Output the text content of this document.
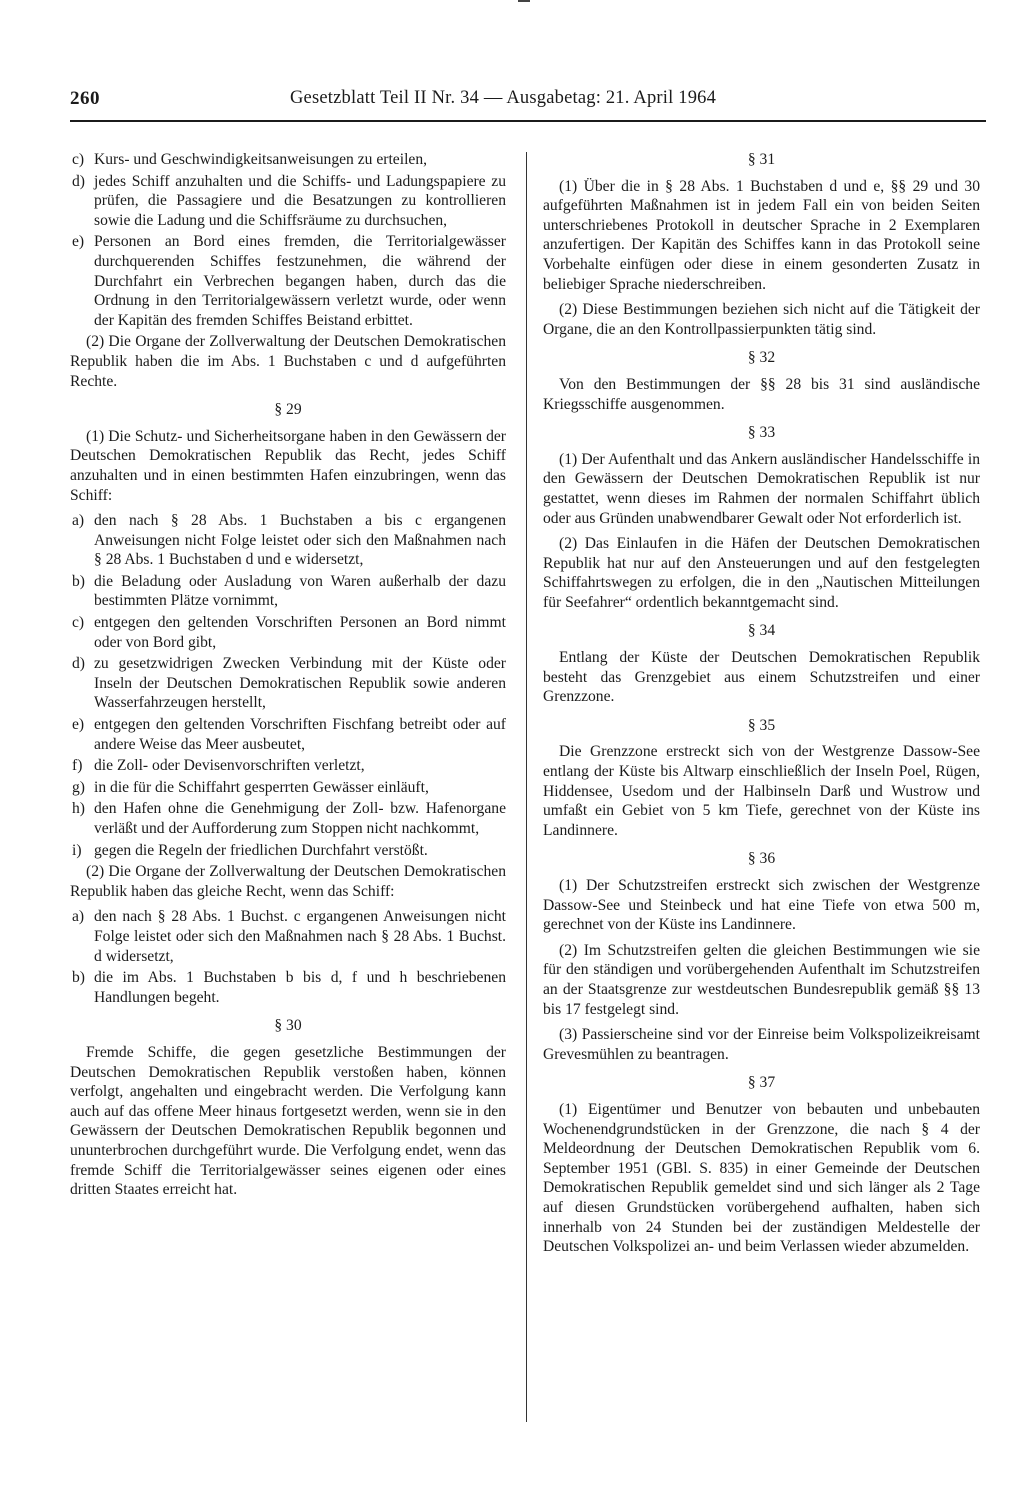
260	Gesetzblatt Teil II Nr. 34 — Ausgabetag: 21. April 1964
c) Kurs- und Geschwindigkeitsanweisungen zu erteilen,
d) jedes Schiff anzuhalten und die Schiffs- und Ladungspapiere zu prüfen, die Passagiere und die Besatzungen zu kontrollieren sowie die Ladung und die Schiffsräume zu durchsuchen,
e) Personen an Bord eines fremden, die Territorialgewässer durchquerenden Schiffes festzunehmen, die während der Durchfahrt ein Verbrechen begangen haben, durch das die Ordnung in den Territorialgewässern verletzt wurde, oder wenn der Kapitän des fremden Schiffes Beistand erbittet.

(2) Die Organe der Zollverwaltung der Deutschen Demokratischen Republik haben die im Abs. 1 Buchstaben c und d aufgeführten Rechte.

§ 29

(1) Die Schutz- und Sicherheitsorgane haben in den Gewässern der Deutschen Demokratischen Republik das Recht, jedes Schiff anzuhalten und in einen bestimmten Hafen einzubringen, wenn das Schiff:

a) den nach § 28 Abs. 1 Buchstaben a bis c ergangenen Anweisungen nicht Folge leistet oder sich den Maßnahmen nach § 28 Abs. 1 Buchstaben d und e widersetzt,
b) die Beladung oder Ausladung von Waren außerhalb der dazu bestimmten Plätze vornimmt,
c) entgegen den geltenden Vorschriften Personen an Bord nimmt oder von Bord gibt,
d) zu gesetzwidrigen Zwecken Verbindung mit der Küste oder Inseln der Deutschen Demokratischen Republik sowie anderen Wasserfahrzeugen herstellt,
e) entgegen den geltenden Vorschriften Fischfang betreibt oder auf andere Weise das Meer ausbeutet,
f) die Zoll- oder Devisenvorschriften verletzt,
g) in die für die Schiffahrt gesperrten Gewässer einläuft,
h) den Hafen ohne die Genehmigung der Zoll- bzw. Hafenorgane verläßt und der Aufforderung zum Stoppen nicht nachkommt,
i) gegen die Regeln der friedlichen Durchfahrt verstößt.

(2) Die Organe der Zollverwaltung der Deutschen Demokratischen Republik haben das gleiche Recht, wenn das Schiff:

a) den nach § 28 Abs. 1 Buchst. c ergangenen Anweisungen nicht Folge leistet oder sich den Maßnahmen nach § 28 Abs. 1 Buchst. d widersetzt,
b) die im Abs. 1 Buchstaben b bis d, f und h beschriebenen Handlungen begeht.

§ 30

Fremde Schiffe, die gegen gesetzliche Bestimmungen der Deutschen Demokratischen Republik verstoßen haben, können verfolgt, angehalten und eingebracht werden. Die Verfolgung kann auch auf das offene Meer hinaus fortgesetzt werden, wenn sie in den Gewässern der Deutschen Demokratischen Republik begonnen und ununterbrochen durchgeführt wurde. Die Verfolgung endet, wenn das fremde Schiff die Territorialgewässer seines eigenen oder eines dritten Staates erreicht hat.

§ 31

(1) Über die in § 28 Abs. 1 Buchstaben d und e, §§ 29 und 30 aufgeführten Maßnahmen ist in jedem Fall ein von beiden Seiten unterschriebenes Protokoll in deutscher Sprache in 2 Exemplaren anzufertigen. Der Kapitän des Schiffes kann in das Protokoll seine Vorbehalte einfügen oder diese in einem gesonderten Zusatz in beliebiger Sprache niederschreiben.

(2) Diese Bestimmungen beziehen sich nicht auf die Tätigkeit der Organe, die an den Kontrollpassierpunkten tätig sind.

§ 32

Von den Bestimmungen der §§ 28 bis 31 sind ausländische Kriegsschiffe ausgenommen.

§ 33

(1) Der Aufenthalt und das Ankern ausländischer Handelsschiffe in den Gewässern der Deutschen Demokratischen Republik ist nur gestattet, wenn dieses im Rahmen der normalen Schiffahrt üblich oder aus Gründen unabwendbarer Gewalt oder Not erforderlich ist.

(2) Das Einlaufen in die Häfen der Deutschen Demokratischen Republik hat nur auf den Ansteuerungen und auf den festgelegten Schiffahrtswegen zu erfolgen, die in den „Nautischen Mitteilungen für Seefahrer“ ordentlich bekanntgemacht sind.

§ 34

Entlang der Küste der Deutschen Demokratischen Republik besteht das Grenzgebiet aus einem Schutzstreifen und einer Grenzzone.

§ 35

Die Grenzzone erstreckt sich von der Westgrenze Dassow-See entlang der Küste bis Altwarp einschließlich der Inseln Poel, Rügen, Hiddensee, Usedom und der Halbinseln Darß und Wustrow und umfaßt ein Gebiet von 5 km Tiefe, gerechnet von der Küste ins Landinnere.

§ 36

(1) Der Schutzstreifen erstreckt sich zwischen der Westgrenze Dassow-See und Steinbeck und hat eine Tiefe von etwa 500 m, gerechnet von der Küste ins Landinnere.

(2) Im Schutzstreifen gelten die gleichen Bestimmungen wie sie für den ständigen und vorübergehenden Aufenthalt im Schutzstreifen an der Staatsgrenze zur westdeutschen Bundesrepublik gemäß §§ 13 bis 17 festgelegt sind.

(3) Passierscheine sind vor der Einreise beim Volkspolizeikreisamt Grevesmühlen zu beantragen.

§ 37

(1) Eigentümer und Benutzer von bebauten und unbebauten Wochenendgrundstücken in der Grenzzone, die nach § 4 der Meldeordnung der Deutschen Demokratischen Republik vom 6. September 1951 (GBl. S. 835) in einer Gemeinde der Deutschen Demokratischen Republik gemeldet sind und sich länger als 2 Tage auf diesen Grundstücken vorübergehend aufhalten, haben sich innerhalb von 24 Stunden bei der zuständigen Meldestelle der Deutschen Volkspolizei an- und beim Verlassen wieder abzumelden.
